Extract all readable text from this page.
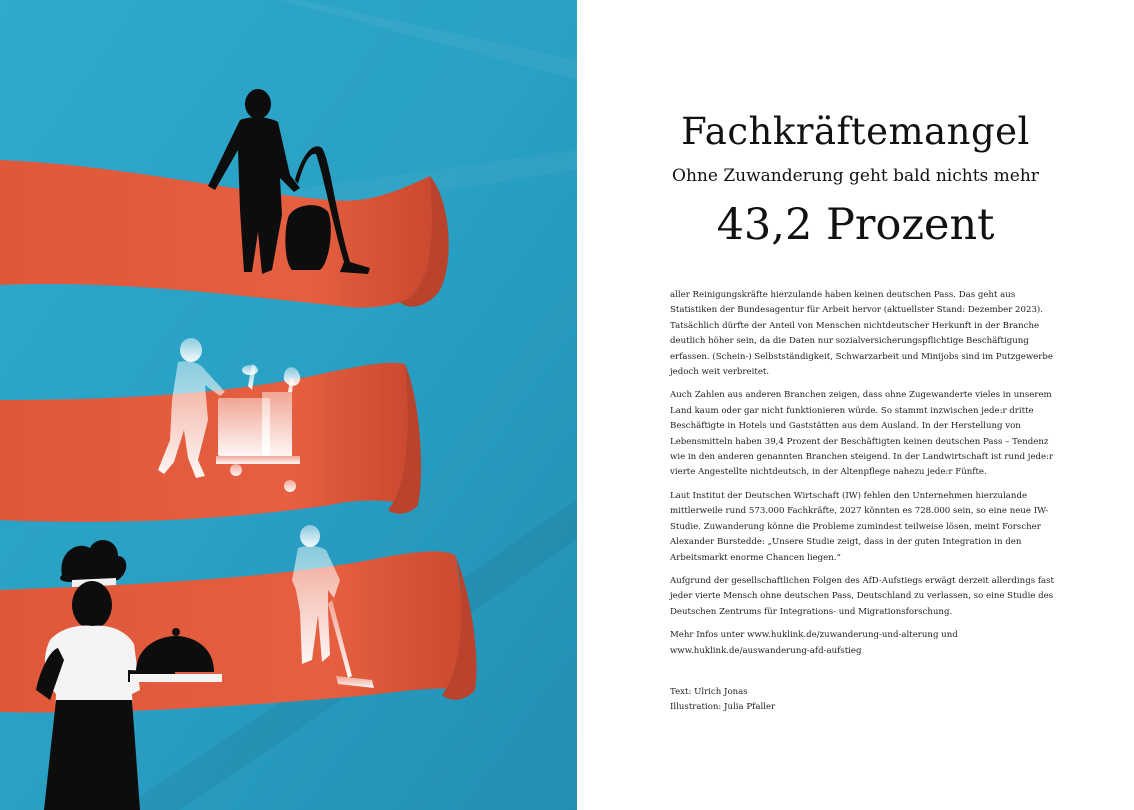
Fachkräftemangel
Ohne Zuwanderung geht bald nichts mehr
43,2 Prozent

aller Reinigungskräfte hierzulande haben keinen deutschen Pass. Das geht aus Statistiken der Bundesagentur für Arbeit hervor (aktuellster Stand: Dezember 2023). Tatsächlich dürfte der Anteil von Menschen nichtdeutscher Herkunft in der Branche deutlich höher sein, da die Daten nur sozialversicherungspflichtige Beschäftigung erfassen. (Schein-) Selbstständigkeit, Schwarzarbeit und Minijobs sind im Putzgewerbe jedoch weit verbreitet.

Auch Zahlen aus anderen Branchen zeigen, dass ohne Zugewanderte vieles in unserem Land kaum oder gar nicht funktionieren würde. So stammt inzwischen jede:r dritte Beschäftigte in Hotels und Gaststätten aus dem Ausland. In der Herstellung von Lebensmitteln haben 39,4 Prozent der Beschäftigten keinen deutschen Pass – Tendenz wie in den anderen genannten Branchen steigend. In der Landwirtschaft ist rund jede:r vierte Angestellte nichtdeutsch, in der Altenpflege nahezu jede:r Fünfte.

Laut Institut der Deutschen Wirtschaft (IW) fehlen den Unternehmen hierzulande mittlerweile rund 573.000 Fachkräfte, 2027 könnten es 728.000 sein, so eine neue IW-Studie. Zuwanderung könne die Probleme zumindest teilweise lösen, meint Forscher Alexander Burstedde: „Unsere Studie zeigt, dass in der guten Integration in den Arbeitsmarkt enorme Chancen liegen.“

Aufgrund der gesellschaftlichen Folgen des AfD-Aufstiegs erwägt derzeit allerdings fast jeder vierte Mensch ohne deutschen Pass, Deutschland zu verlassen, so eine Studie des Deutschen Zentrums für Integrations- und Migrationsforschung.

Mehr Infos unter www.huklink.de/zuwanderung-und-alterung und
www.huklink.de/auswanderung-afd-aufstieg

Text: Ulrich Jonas
Illustration: Julia Pfaller
